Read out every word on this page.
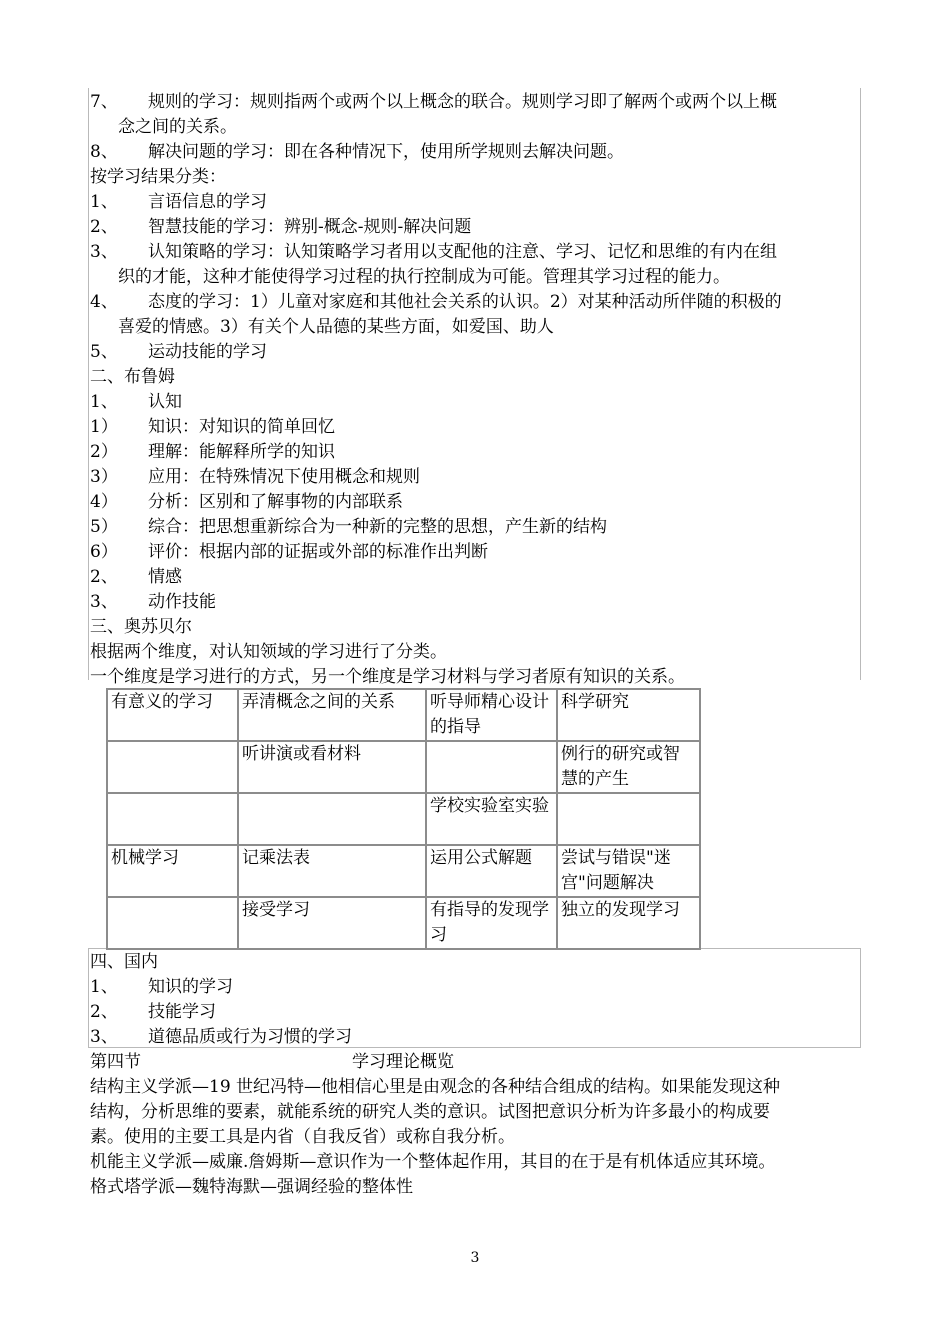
7、 规则的学习：规则指两个或两个以上概念的联合。规则学习即了解两个或两个以上概
念之间的关系。
8、 解决问题的学习：即在各种情况下，使用所学规则去解决问题。
按学习结果分类：
1、 言语信息的学习
2、 智慧技能的学习：辨别-概念-规则-解决问题
3、 认知策略的学习：认知策略学习者用以支配他的注意、学习、记忆和思维的有内在组
织的才能，这种才能使得学习过程的执行控制成为可能。管理其学习过程的能力。
4、 态度的学习：1）儿童对家庭和其他社会关系的认识。2）对某种活动所伴随的积极的
喜爱的情感。3）有关个人品德的某些方面，如爱国、助人
5、 运动技能的学习
二、布鲁姆
1、 认知
1） 知识：对知识的简单回忆
2） 理解：能解释所学的知识
3） 应用：在特殊情况下使用概念和规则
4） 分析：区别和了解事物的内部联系
5） 综合：把思想重新综合为一种新的完整的思想，产生新的结构
6） 评价：根据内部的证据或外部的标准作出判断
2、 情感
3、 动作技能
三、奥苏贝尔
根据两个维度，对认知领域的学习进行了分类。
一个维度是学习进行的方式，另一个维度是学习材料与学习者原有知识的关系。
有意义的学习	弄清概念之间的关系	听导师精心设计的指导	科学研究
	听讲演或看材料		例行的研究或智慧的产生
		学校实验室实验	
机械学习	记乘法表	运用公式解题	尝试与错误"迷宫"问题解决
	接受学习	有指导的发现学习	独立的发现学习
四、国内
1、 知识的学习
2、 技能学习
3、 道德品质或行为习惯的学习
第四节	学习理论概览
结构主义学派—19 世纪冯特—他相信心里是由观念的各种结合组成的结构。如果能发现这种
结构，分析思维的要素，就能系统的研究人类的意识。试图把意识分析为许多最小的构成要
素。使用的主要工具是内省（自我反省）或称自我分析。
机能主义学派—威廉.詹姆斯—意识作为一个整体起作用，其目的在于是有机体适应其环境。
格式塔学派—魏特海默—强调经验的整体性
3
